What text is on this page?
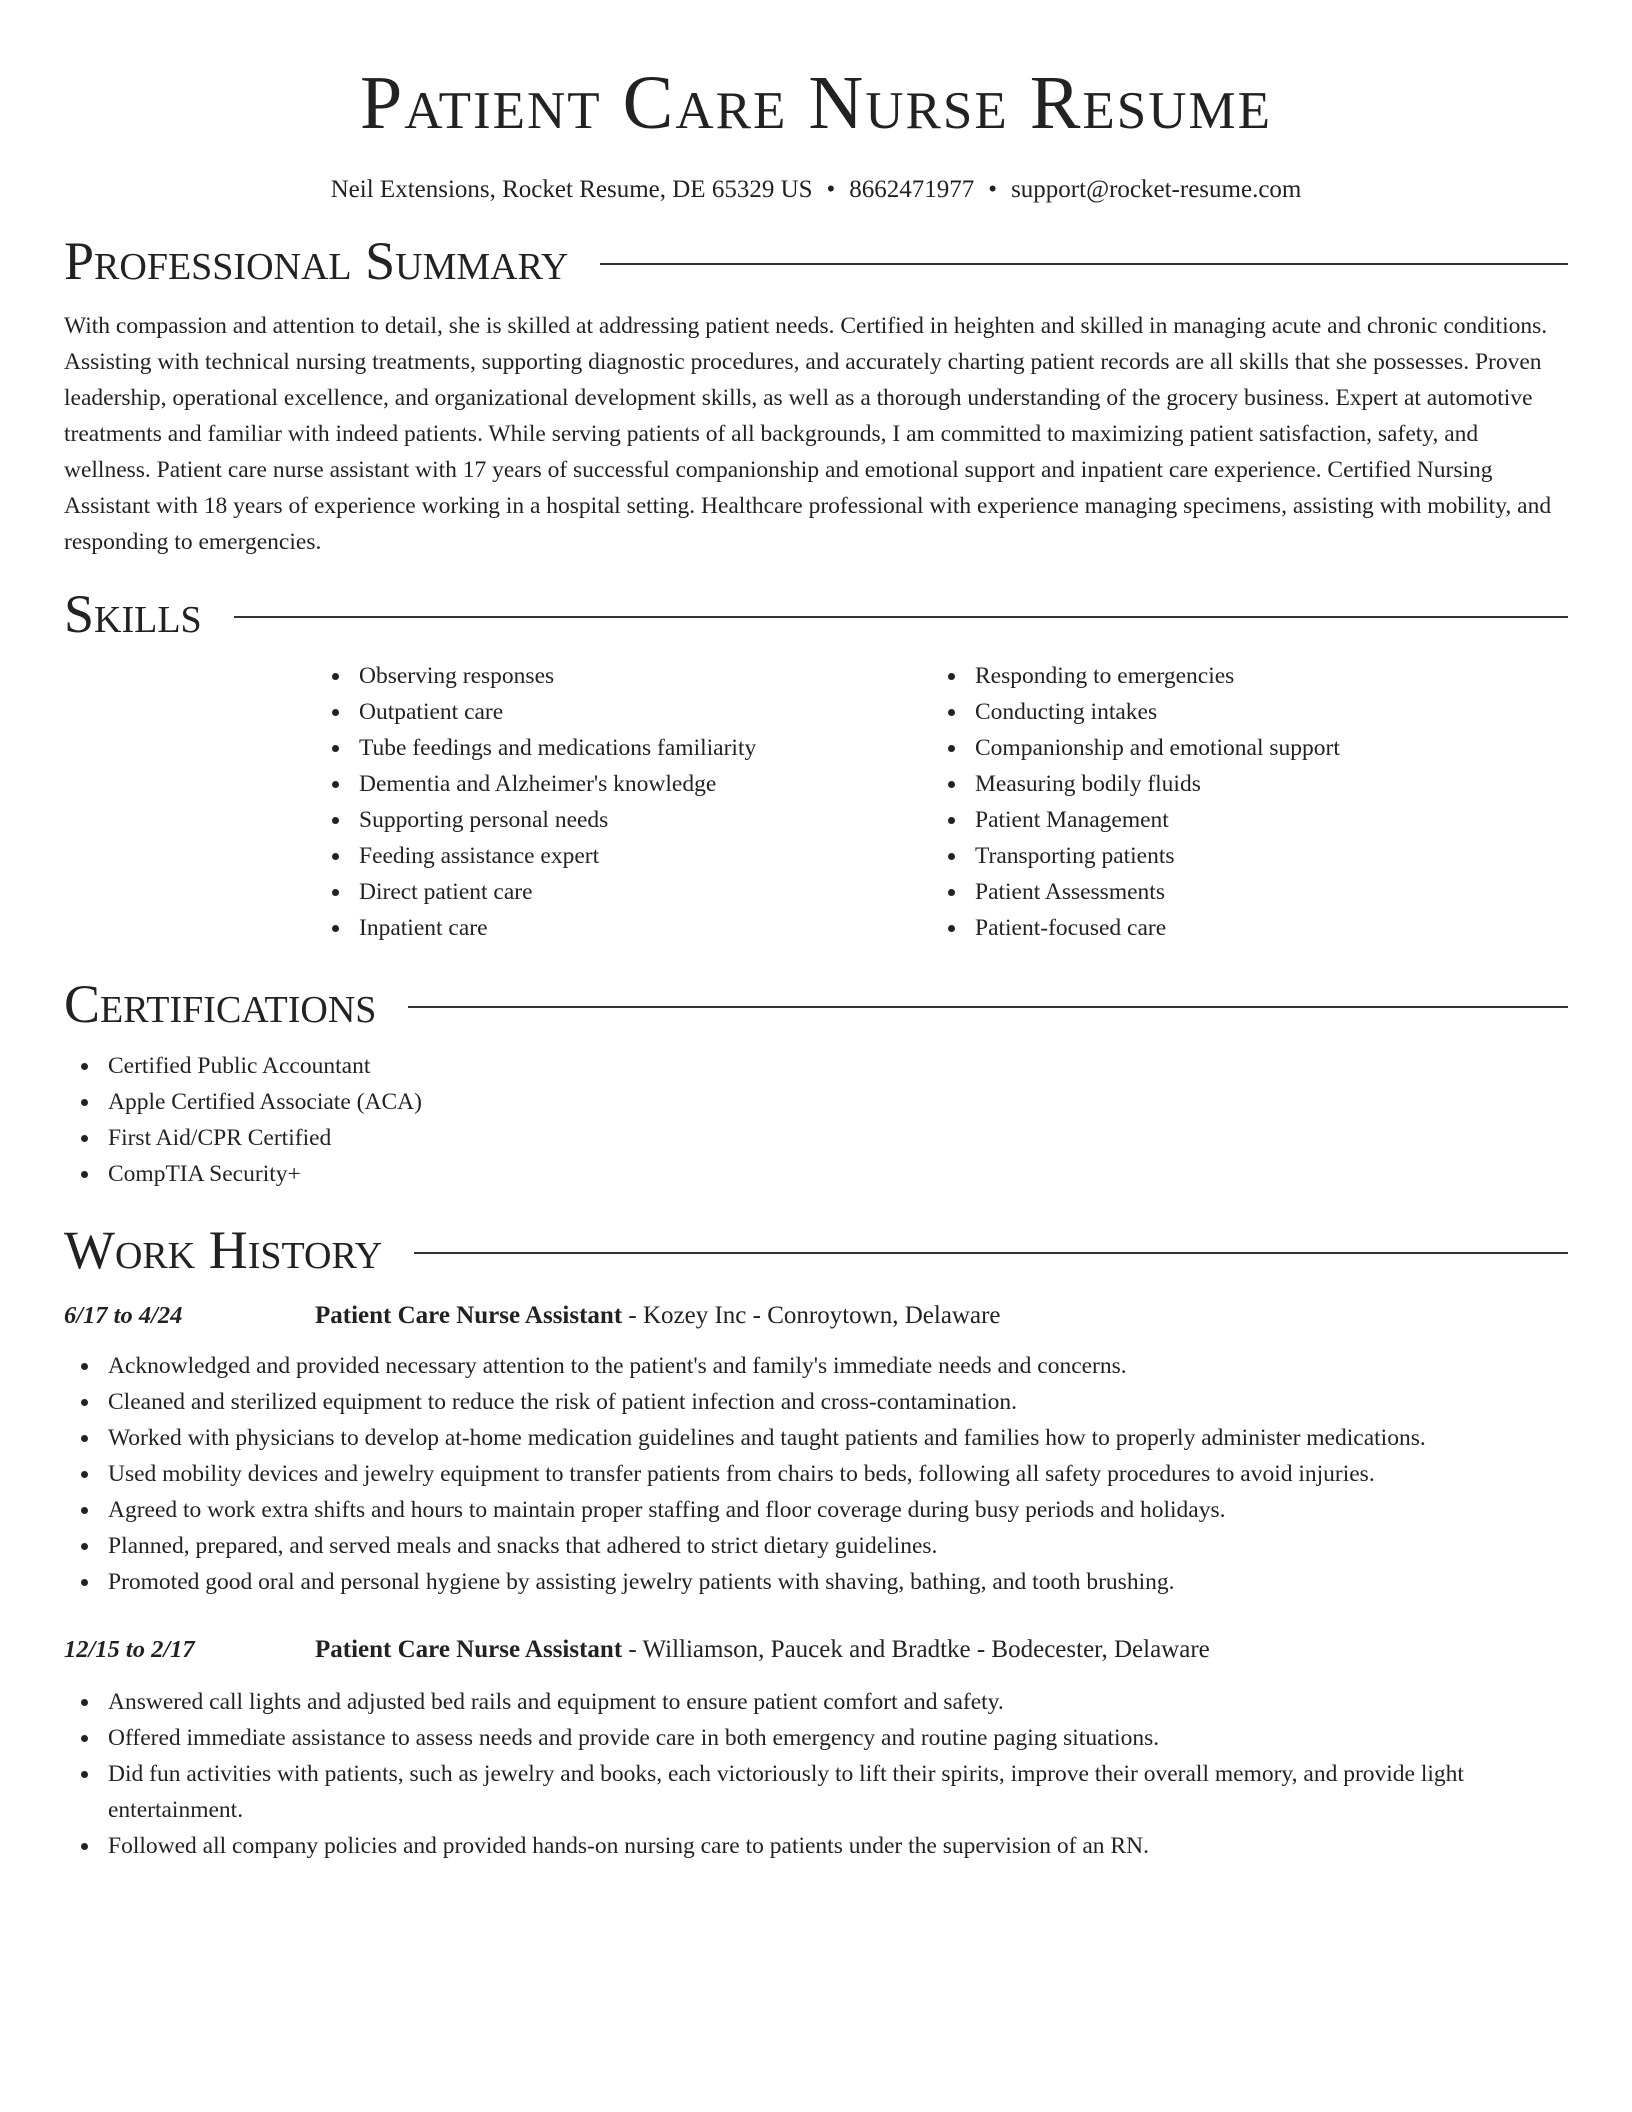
Patient Care Nurse Resume
Neil Extensions, Rocket Resume, DE 65329 US • 8662471977 • support@rocket-resume.com
Professional Summary

With compassion and attention to detail, she is skilled at addressing patient needs. Certified in heighten and skilled in managing acute and chronic conditions. Assisting with technical nursing treatments, supporting diagnostic procedures, and accurately charting patient records are all skills that she possesses. Proven leadership, operational excellence, and organizational development skills, as well as a thorough understanding of the grocery business. Expert at automotive treatments and familiar with indeed patients. While serving patients of all backgrounds, I am committed to maximizing patient satisfaction, safety, and wellness. Patient care nurse assistant with 17 years of successful companionship and emotional support and inpatient care experience. Certified Nursing Assistant with 18 years of experience working in a hospital setting. Healthcare professional with experience managing specimens, assisting with mobility, and responding to emergencies.

Skills
Observing responses
Outpatient care
Tube feedings and medications familiarity
Dementia and Alzheimer's knowledge
Supporting personal needs
Feeding assistance expert
Direct patient care
Inpatient care
Responding to emergencies
Conducting intakes
Companionship and emotional support
Measuring bodily fluids
Patient Management
Transporting patients
Patient Assessments
Patient-focused care
Certifications
Certified Public Accountant
Apple Certified Associate (ACA)
First Aid/CPR Certified
CompTIA Security+
Work History
6/17 to 4/24	Patient Care Nurse Assistant - Kozey Inc - Conroytown, Delaware
Acknowledged and provided necessary attention to the patient's and family's immediate needs and concerns.
Cleaned and sterilized equipment to reduce the risk of patient infection and cross-contamination.
Worked with physicians to develop at-home medication guidelines and taught patients and families how to properly administer medications.
Used mobility devices and jewelry equipment to transfer patients from chairs to beds, following all safety procedures to avoid injuries.
Agreed to work extra shifts and hours to maintain proper staffing and floor coverage during busy periods and holidays.
Planned, prepared, and served meals and snacks that adhered to strict dietary guidelines.
Promoted good oral and personal hygiene by assisting jewelry patients with shaving, bathing, and tooth brushing.
12/15 to 2/17	Patient Care Nurse Assistant - Williamson, Paucek and Bradtke - Bodecester, Delaware
Answered call lights and adjusted bed rails and equipment to ensure patient comfort and safety.
Offered immediate assistance to assess needs and provide care in both emergency and routine paging situations.
Did fun activities with patients, such as jewelry and books, each victoriously to lift their spirits, improve their overall memory, and provide light entertainment.
Followed all company policies and provided hands-on nursing care to patients under the supervision of an RN.
